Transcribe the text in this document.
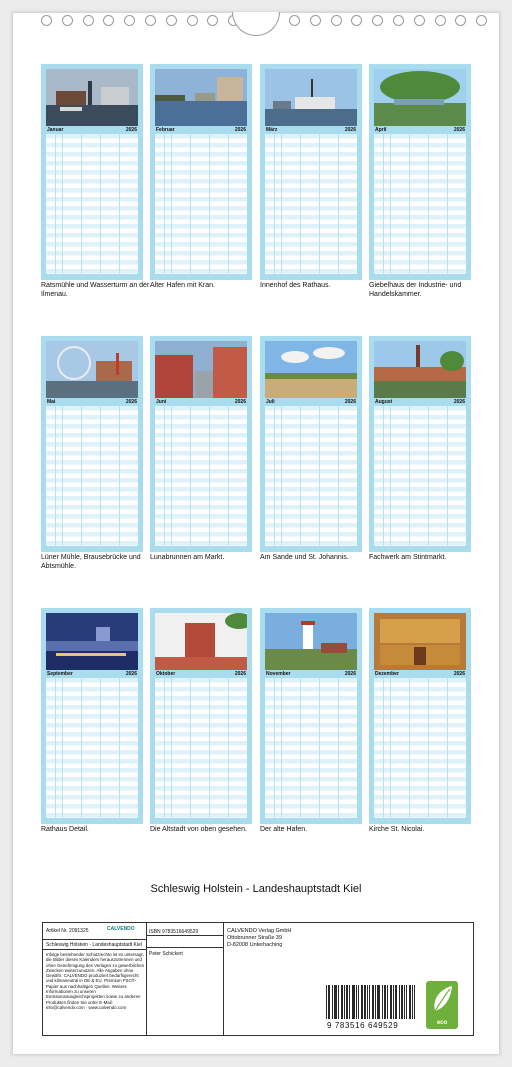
Januar	2026
Ratsmühle und Wasserturm an der Ilmenau.
Februar	2026
Alter Hafen mit Kran.
März	2026
Innenhof des Rathaus.
April	2026
Giebelhaus der Industrie- und Handelskammer.
Mai	2026
Lüner Mühle, Brausebrücke und Abtsmühle.
Juni	2026
Lunabrunnen am Markt.
Juli	2026
Am Sande und St. Johannis.
August	2026
Fachwerk am Stintmarkt.
September	2026
Rathaus Detail.
Oktober	2026
Die Altstadt von oben gesehen.
November	2026
Der alte Hafen.
Dezember	2026
Kirche St. Nicolai.
Schleswig Holstein - Landeshauptstadt Kiel
Artikel Nr. 2091325	CALVENDO
Schleswig Holstein - Landeshauptstadt Kiel
Infolge bestehender Schutzrechte ist es untersagt, die Bilder dieses Kalenders herauszutrennen und ohne Genehmigung des Verlages zu gewerblichen Zwecken weiterzunutzen. Alle Angaben ohne Gewähr. CALVENDO produziert bedarfsgerecht und klimaneutral in DE & EU. Premium FSC®-Papier aus nachhaltigen Quellen. Weitere Informationen zu unseren Emissionsausgleichsprojekten sowie zu anderen Produkten finden Sie unter E-Mail: info@calvendo.com · www.calvendo.com
ISBN 9783516649529
Peter Schickert
CALVENDO Verlag GmbH
Ottobrunner Straße 39
D-82008 Unterhaching
9 783516 649529	eco
